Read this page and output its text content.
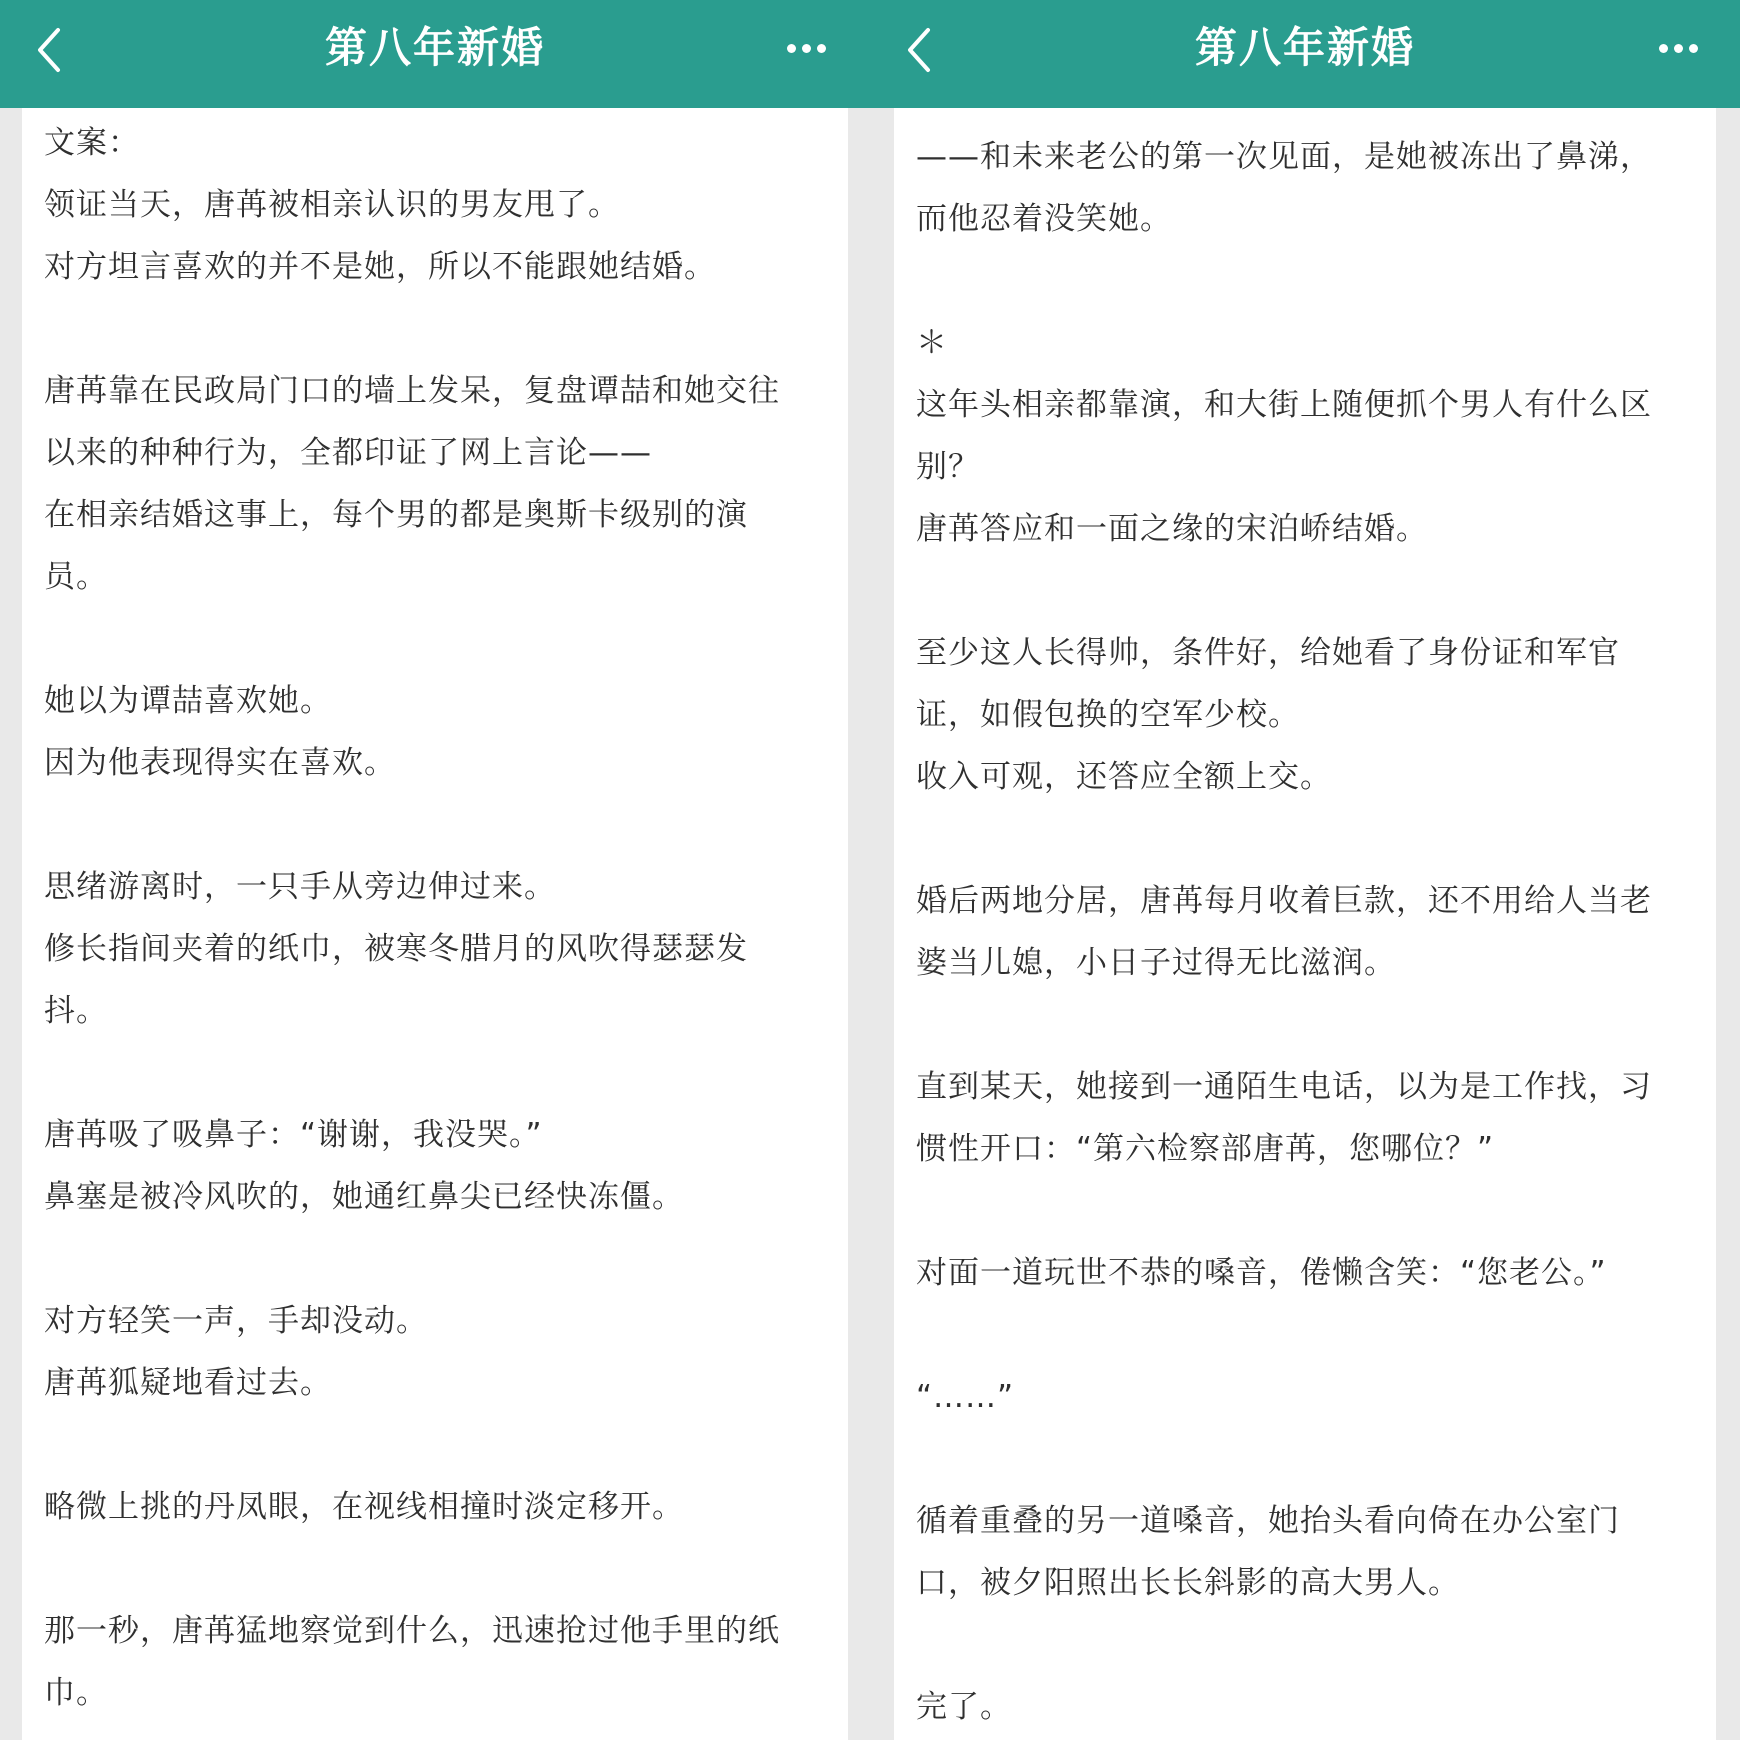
第八年新婚
文案：
领证当天，唐苒被相亲认识的男友甩了。
对方坦言喜欢的并不是她，所以不能跟她结婚。
唐苒靠在民政局门口的墙上发呆，复盘谭喆和她交往
以来的种种行为，全都印证了网上言论——
在相亲结婚这事上，每个男的都是奥斯卡级别的演
员。
她以为谭喆喜欢她。
因为他表现得实在喜欢。
思绪游离时，一只手从旁边伸过来。
修长指间夹着的纸巾，被寒冬腊月的风吹得瑟瑟发
抖。
唐苒吸了吸鼻子：“谢谢，我没哭。”
鼻塞是被冷风吹的，她通红鼻尖已经快冻僵。
对方轻笑一声，手却没动。
唐苒狐疑地看过去。
略微上挑的丹凤眼，在视线相撞时淡定移开。
那一秒，唐苒猛地察觉到什么，迅速抢过他手里的纸
巾。
第八年新婚
——和未来老公的第一次见面，是她被冻出了鼻涕，
而他忍着没笑她。
＊
这年头相亲都靠演，和大街上随便抓个男人有什么区
别？
唐苒答应和一面之缘的宋泊峤结婚。
至少这人长得帅，条件好，给她看了身份证和军官
证，如假包换的空军少校。
收入可观，还答应全额上交。
婚后两地分居，唐苒每月收着巨款，还不用给人当老
婆当儿媳，小日子过得无比滋润。
直到某天，她接到一通陌生电话，以为是工作找，习
惯性开口：“第六检察部唐苒，您哪位？”
对面一道玩世不恭的嗓音，倦懒含笑：“您老公。”
“……”
循着重叠的另一道嗓音，她抬头看向倚在办公室门
口，被夕阳照出长长斜影的高大男人。
完了。
